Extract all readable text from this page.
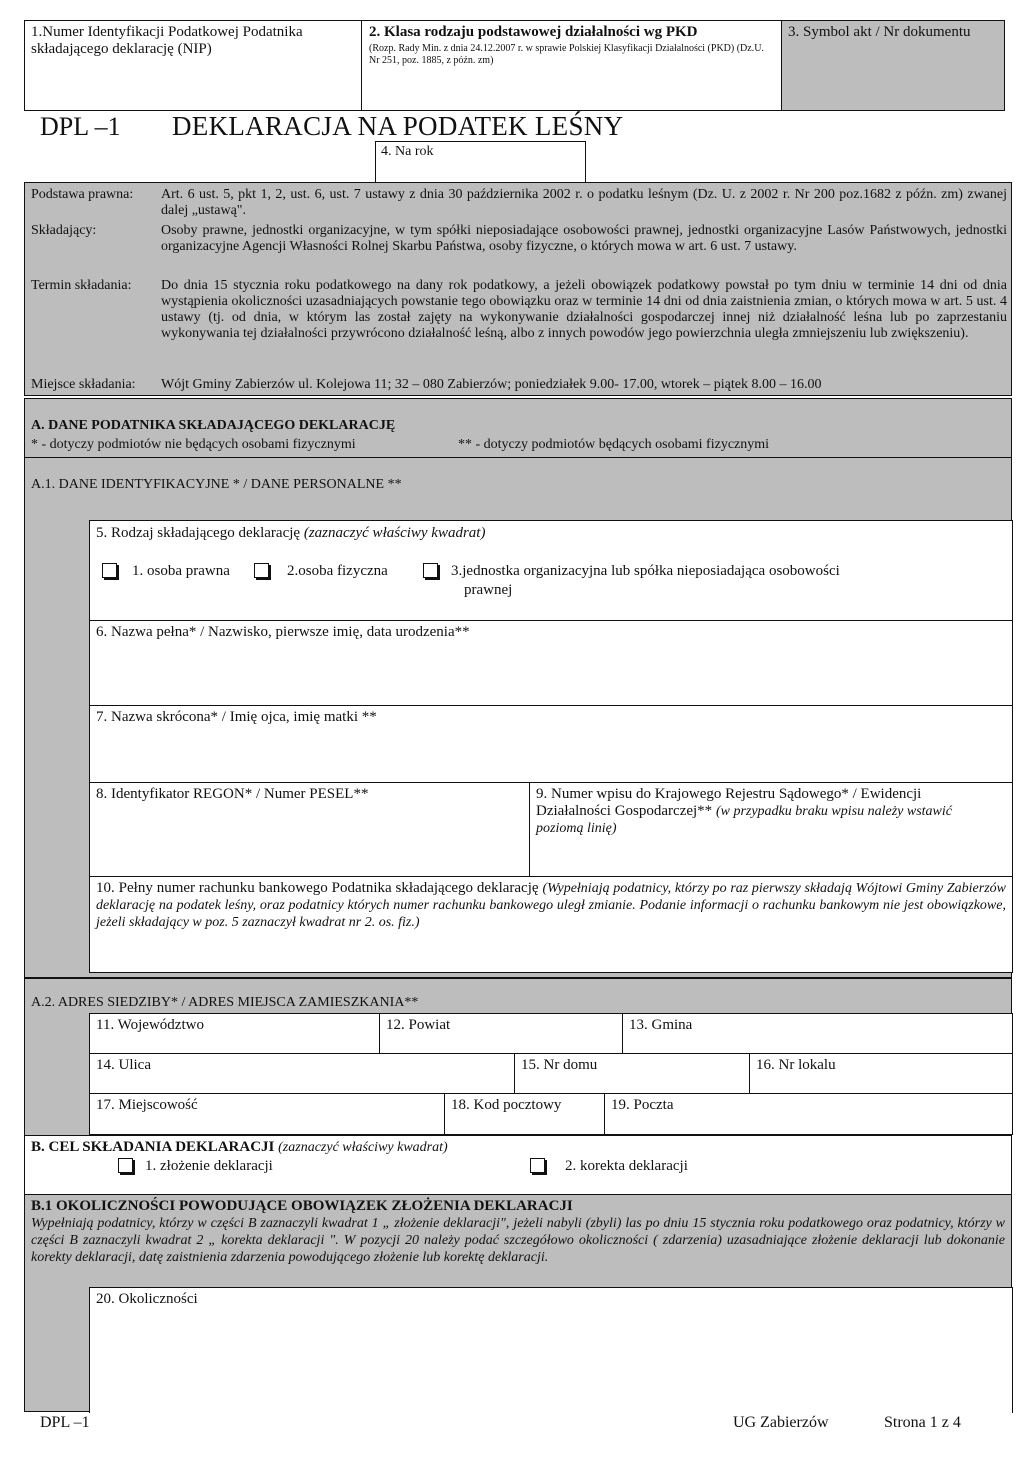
1.Numer Identyfikacji Podatkowej Podatnika składającego deklarację (NIP)
2. Klasa rodzaju podstawowej działalności wg PKD
(Rozp. Rady Min. z dnia 24.12.2007 r. w sprawie Polskiej Klasyfikacji Działalności (PKD) (Dz.U. Nr 251, poz. 1885, z późn. zm)
3. Symbol akt / Nr dokumentu
DPL –1 DEKLARACJA NA PODATEK LEŚNY
4. Na rok
Podstawa prawna: Art. 6 ust. 5, pkt 1, 2, ust. 6, ust. 7 ustawy z dnia 30 października 2002 r. o podatku leśnym (Dz. U. z 2002 r. Nr 200 poz.1682 z późn. zm) zwanej dalej „ustawą".
Składający:	Osoby prawne, jednostki organizacyjne, w tym spółki nieposiadające osobowości prawnej, jednostki organizacyjne Lasów Państwowych, jednostki organizacyjne Agencji Własności Rolnej Skarbu Państwa, osoby fizyczne, o których mowa w art. 6 ust. 7 ustawy.
Termin składania: Do dnia 15 stycznia roku podatkowego na dany rok podatkowy, a jeżeli obowiązek podatkowy powstał po tym dniu w terminie 14 dni od dnia wystąpienia okoliczności uzasadniających powstanie tego obowiązku oraz w terminie 14 dni od dnia zaistnienia zmian, o których mowa w art. 5 ust. 4 ustawy (tj. od dnia, w którym las został zajęty na wykonywanie działalności gospodarczej innej niż działalność leśna lub po zaprzestaniu wykonywania tej działalności przywrócono działalność leśną, albo z innych powodów jego powierzchnia uległa zmniejszeniu lub zwiększeniu).
Miejsce składania: Wójt Gminy Zabierzów ul. Kolejowa 11; 32 – 080 Zabierzów; poniedziałek 9.00- 17.00, wtorek – piątek 8.00 – 16.00
A. DANE PODATNIKA SKŁADAJĄCEGO DEKLARACJĘ
* - dotyczy podmiotów nie będących osobami fizycznymi	** - dotyczy podmiotów będących osobami fizycznymi
A.1. DANE IDENTYFIKACYJNE * / DANE PERSONALNE **
5. Rodzaj składającego deklarację (zaznaczyć właściwy kwadrat)
1. osoba prawna	2.osoba fizyczna	3.jednostka organizacyjna lub spółka nieposiadająca osobowości
prawnej
6. Nazwa pełna* / Nazwisko, pierwsze imię, data urodzenia**
7. Nazwa skrócona* / Imię ojca, imię matki **
8. Identyfikator REGON* / Numer PESEL**	9. Numer wpisu do Krajowego Rejestru Sądowego* / Ewidencji Działalności Gospodarczej** (w przypadku braku wpisu należy wstawić poziomą linię)
10. Pełny numer rachunku bankowego Podatnika składającego deklarację (Wypełniają podatnicy, którzy po raz pierwszy składają Wójtowi Gminy Zabierzów deklarację na podatek leśny, oraz podatnicy których numer rachunku bankowego uległ zmianie. Podanie informacji o rachunku bankowym nie jest obowiązkowe, jeżeli składający w poz. 5 zaznaczył kwadrat nr 2. os. fiz.)
A.2. ADRES SIEDZIBY* / ADRES MIEJSCA ZAMIESZKANIA**
11. Województwo	12. Powiat	13. Gmina
14. Ulica	15. Nr domu	16. Nr lokalu
17. Miejscowość	18. Kod pocztowy	19. Poczta
B. CEL SKŁADANIA DEKLARACJI (zaznaczyć właściwy kwadrat)
1. złożenie deklaracji	2. korekta deklaracji
B.1 OKOLICZNOŚCI POWODUJĄCE OBOWIĄZEK ZŁOŻENIA DEKLARACJI
Wypełniają podatnicy, którzy w części B zaznaczyli kwadrat 1 „ złożenie deklaracji", jeżeli nabyli (zbyli) las po dniu 15 stycznia roku podatkowego oraz podatnicy, którzy w części B zaznaczyli kwadrat 2 „ korekta deklaracji ". W pozycji 20 należy podać szczegółowo okoliczności ( zdarzenia) uzasadniające złożenie deklaracji lub dokonanie korekty deklaracji, datę zaistnienia zdarzenia powodującego złożenie lub korektę deklaracji.
20. Okoliczności
DPL –1	UG Zabierzów	Strona 1 z 4
